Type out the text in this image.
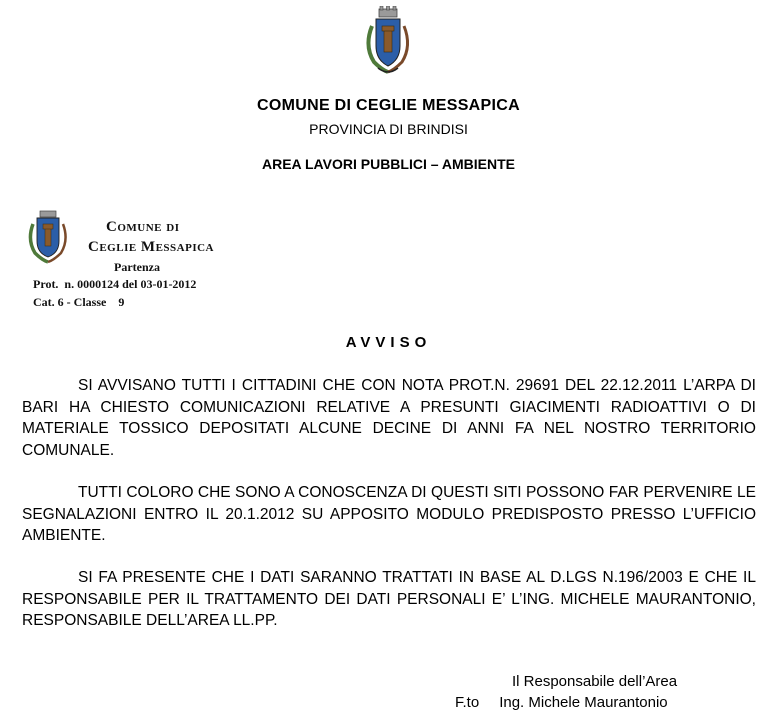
COMUNE DI CEGLIE MESSAPICA
PROVINCIA DI BRINDISI
AREA LAVORI PUBBLICI – AMBIENTE
Comune di
Ceglie Messapica
Partenza
Prot.  n. 0000124 del 03-01-2012
Cat. 6 - Classe    9
AVVISO
SI AVVISANO TUTTI I CITTADINI CHE CON NOTA PROT.N. 29691 DEL 22.12.2011 L’ARPA DI BARI HA CHIESTO COMUNICAZIONI RELATIVE A PRESUNTI GIACIMENTI RADIOATTIVI O DI MATERIALE TOSSICO DEPOSITATI ALCUNE DECINE DI ANNI FA NEL NOSTRO TERRITORIO COMUNALE.
TUTTI COLORO CHE SONO A CONOSCENZA DI QUESTI SITI POSSONO FAR PERVENIRE LE SEGNALAZIONI ENTRO IL 20.1.2012 SU APPOSITO MODULO PREDISPOSTO PRESSO L’UFFICIO AMBIENTE.
SI FA PRESENTE CHE I DATI SARANNO TRATTATI IN BASE AL D.LGS N.196/2003 E CHE IL RESPONSABILE PER IL TRATTAMENTO DEI DATI PERSONALI E’ L’ING. MICHELE MAURANTONIO, RESPONSABILE DELL’AREA LL.PP.
Il Responsabile dell’Area
F.to Ing. Michele Maurantonio
